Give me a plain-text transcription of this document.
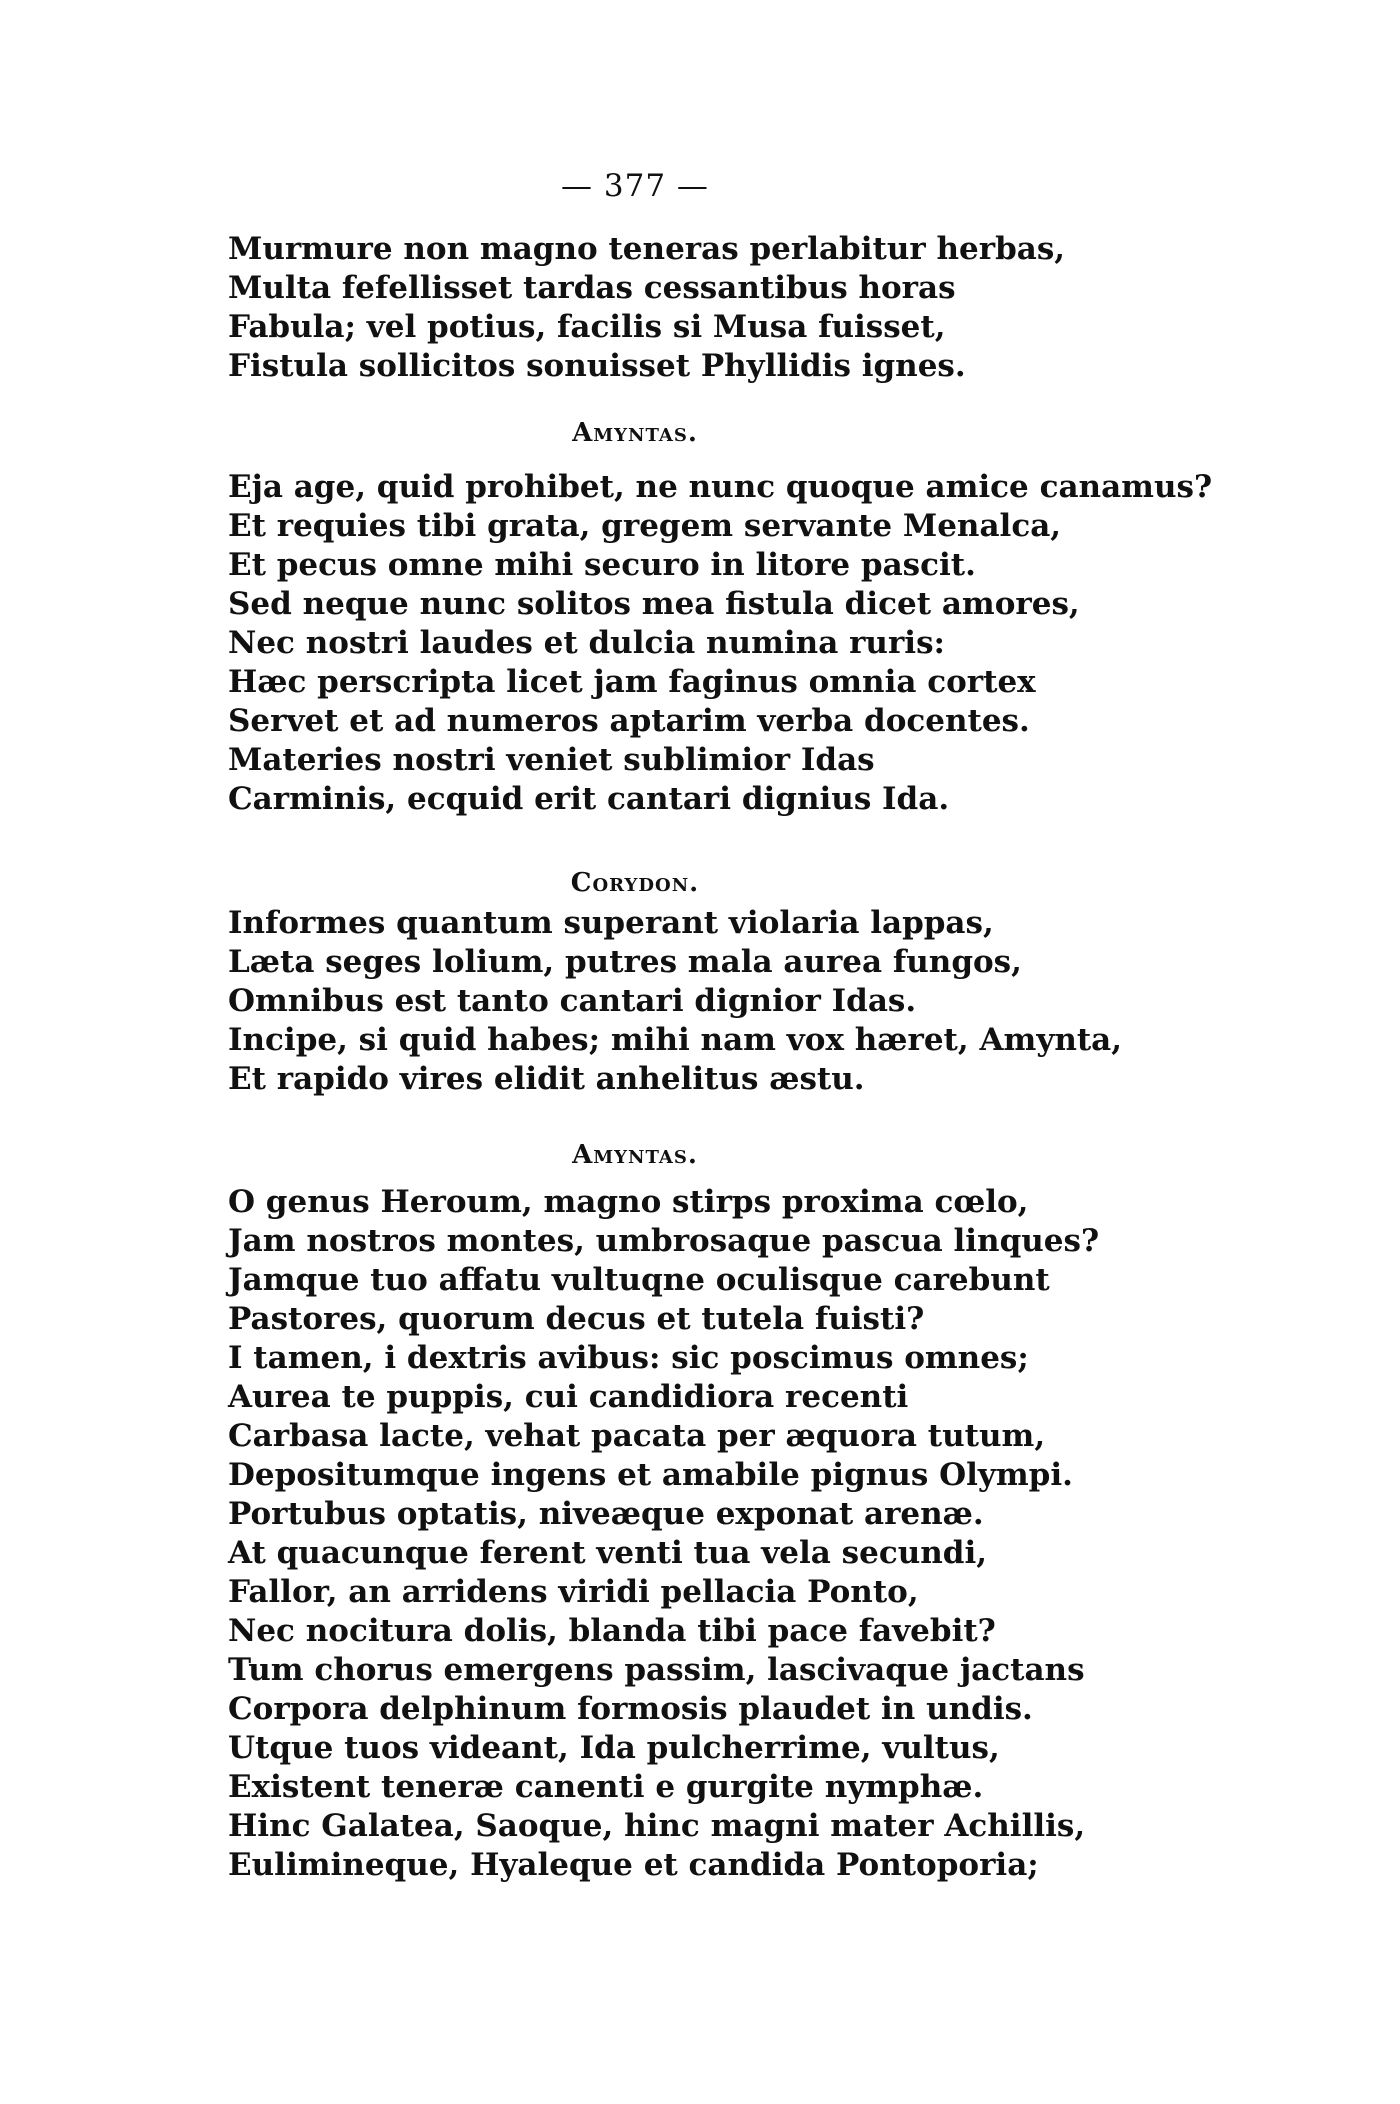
— 377 —
Murmure non magno teneras perlabitur herbas,
Multa fefellisset tardas cessantibus horas
Fabula; vel potius, facilis si Musa fuisset,
Fistula sollicitos sonuisset Phyllidis ignes.
Amyntas.
Eja age, quid prohibet, ne nunc quoque amice canamus?
Et requies tibi grata, gregem servante Menalca,
Et pecus omne mihi securo in litore pascit.
Sed neque nunc solitos mea fistula dicet amores,
Nec nostri laudes et dulcia numina ruris:
Hæc perscripta licet jam faginus omnia cortex
Servet et ad numeros aptarim verba docentes.
Materies nostri veniet sublimior Idas
Carminis, ecquid erit cantari dignius Ida.
Corydon.
Informes quantum superant violaria lappas,
Læta seges lolium, putres mala aurea fungos,
Omnibus est tanto cantari dignior Idas.
Incipe, si quid habes; mihi nam vox hæret, Amynta,
Et rapido vires elidit anhelitus æstu.
Amyntas.
O genus Heroum, magno stirps proxima cœlo,
Jam nostros montes, umbrosaque pascua linques?
Jamque tuo affatu vultuqne oculisque carebunt
Pastores, quorum decus et tutela fuisti?
I tamen, i dextris avibus: sic poscimus omnes;
Aurea te puppis, cui candidiora recenti
Carbasa lacte, vehat pacata per æquora tutum,
Depositumque ingens et amabile pignus Olympi.
Portubus optatis, niveæque exponat arenæ.
At quacunque ferent venti tua vela secundi,
Fallor, an arridens viridi pellacia Ponto,
Nec nocitura dolis, blanda tibi pace favebit?
Tum chorus emergens passim, lascivaque jactans
Corpora delphinum formosis plaudet in undis.
Utque tuos videant, Ida pulcherrime, vultus,
Existent teneræ canenti e gurgite nymphæ.
Hinc Galatea, Saoque, hinc magni mater Achillis,
Eulimineque, Hyaleque et candida Pontoporia;
